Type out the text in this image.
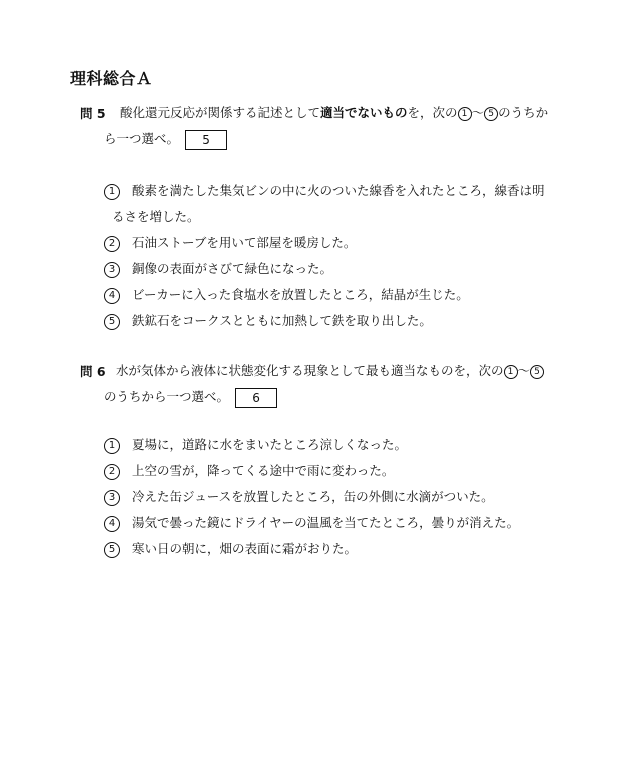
理科総合Ａ
問 5 酸化還元反応が関係する記述として適当でないものを，次の 1 〜 5 のうちか
ら一つ選べ。 5
1 酸素を満たした集気ビンの中に火のついた線香を入れたところ，線香は明
るさを増した。
2 石油ストーブを用いて部屋を暖房した。
3 銅像の表面がさびて緑色になった。
4 ビーカーに入った食塩水を放置したところ，結晶が生じた。
5 鉄鉱石をコークスとともに加熱して鉄を取り出した。
問 6 水が気体から液体に状態変化する現象として最も適当なものを，次の 1 〜 5
のうちから一つ選べ。 6
1 夏場に，道路に水をまいたところ涼しくなった。
2 上空の雪が，降ってくる途中で雨に変わった。
3 冷えた缶ジュースを放置したところ，缶の外側に水滴がついた。
4 湯気で曇った鏡にドライヤーの温風を当てたところ，曇りが消えた。
5 寒い日の朝に，畑の表面に霜がおりた。
